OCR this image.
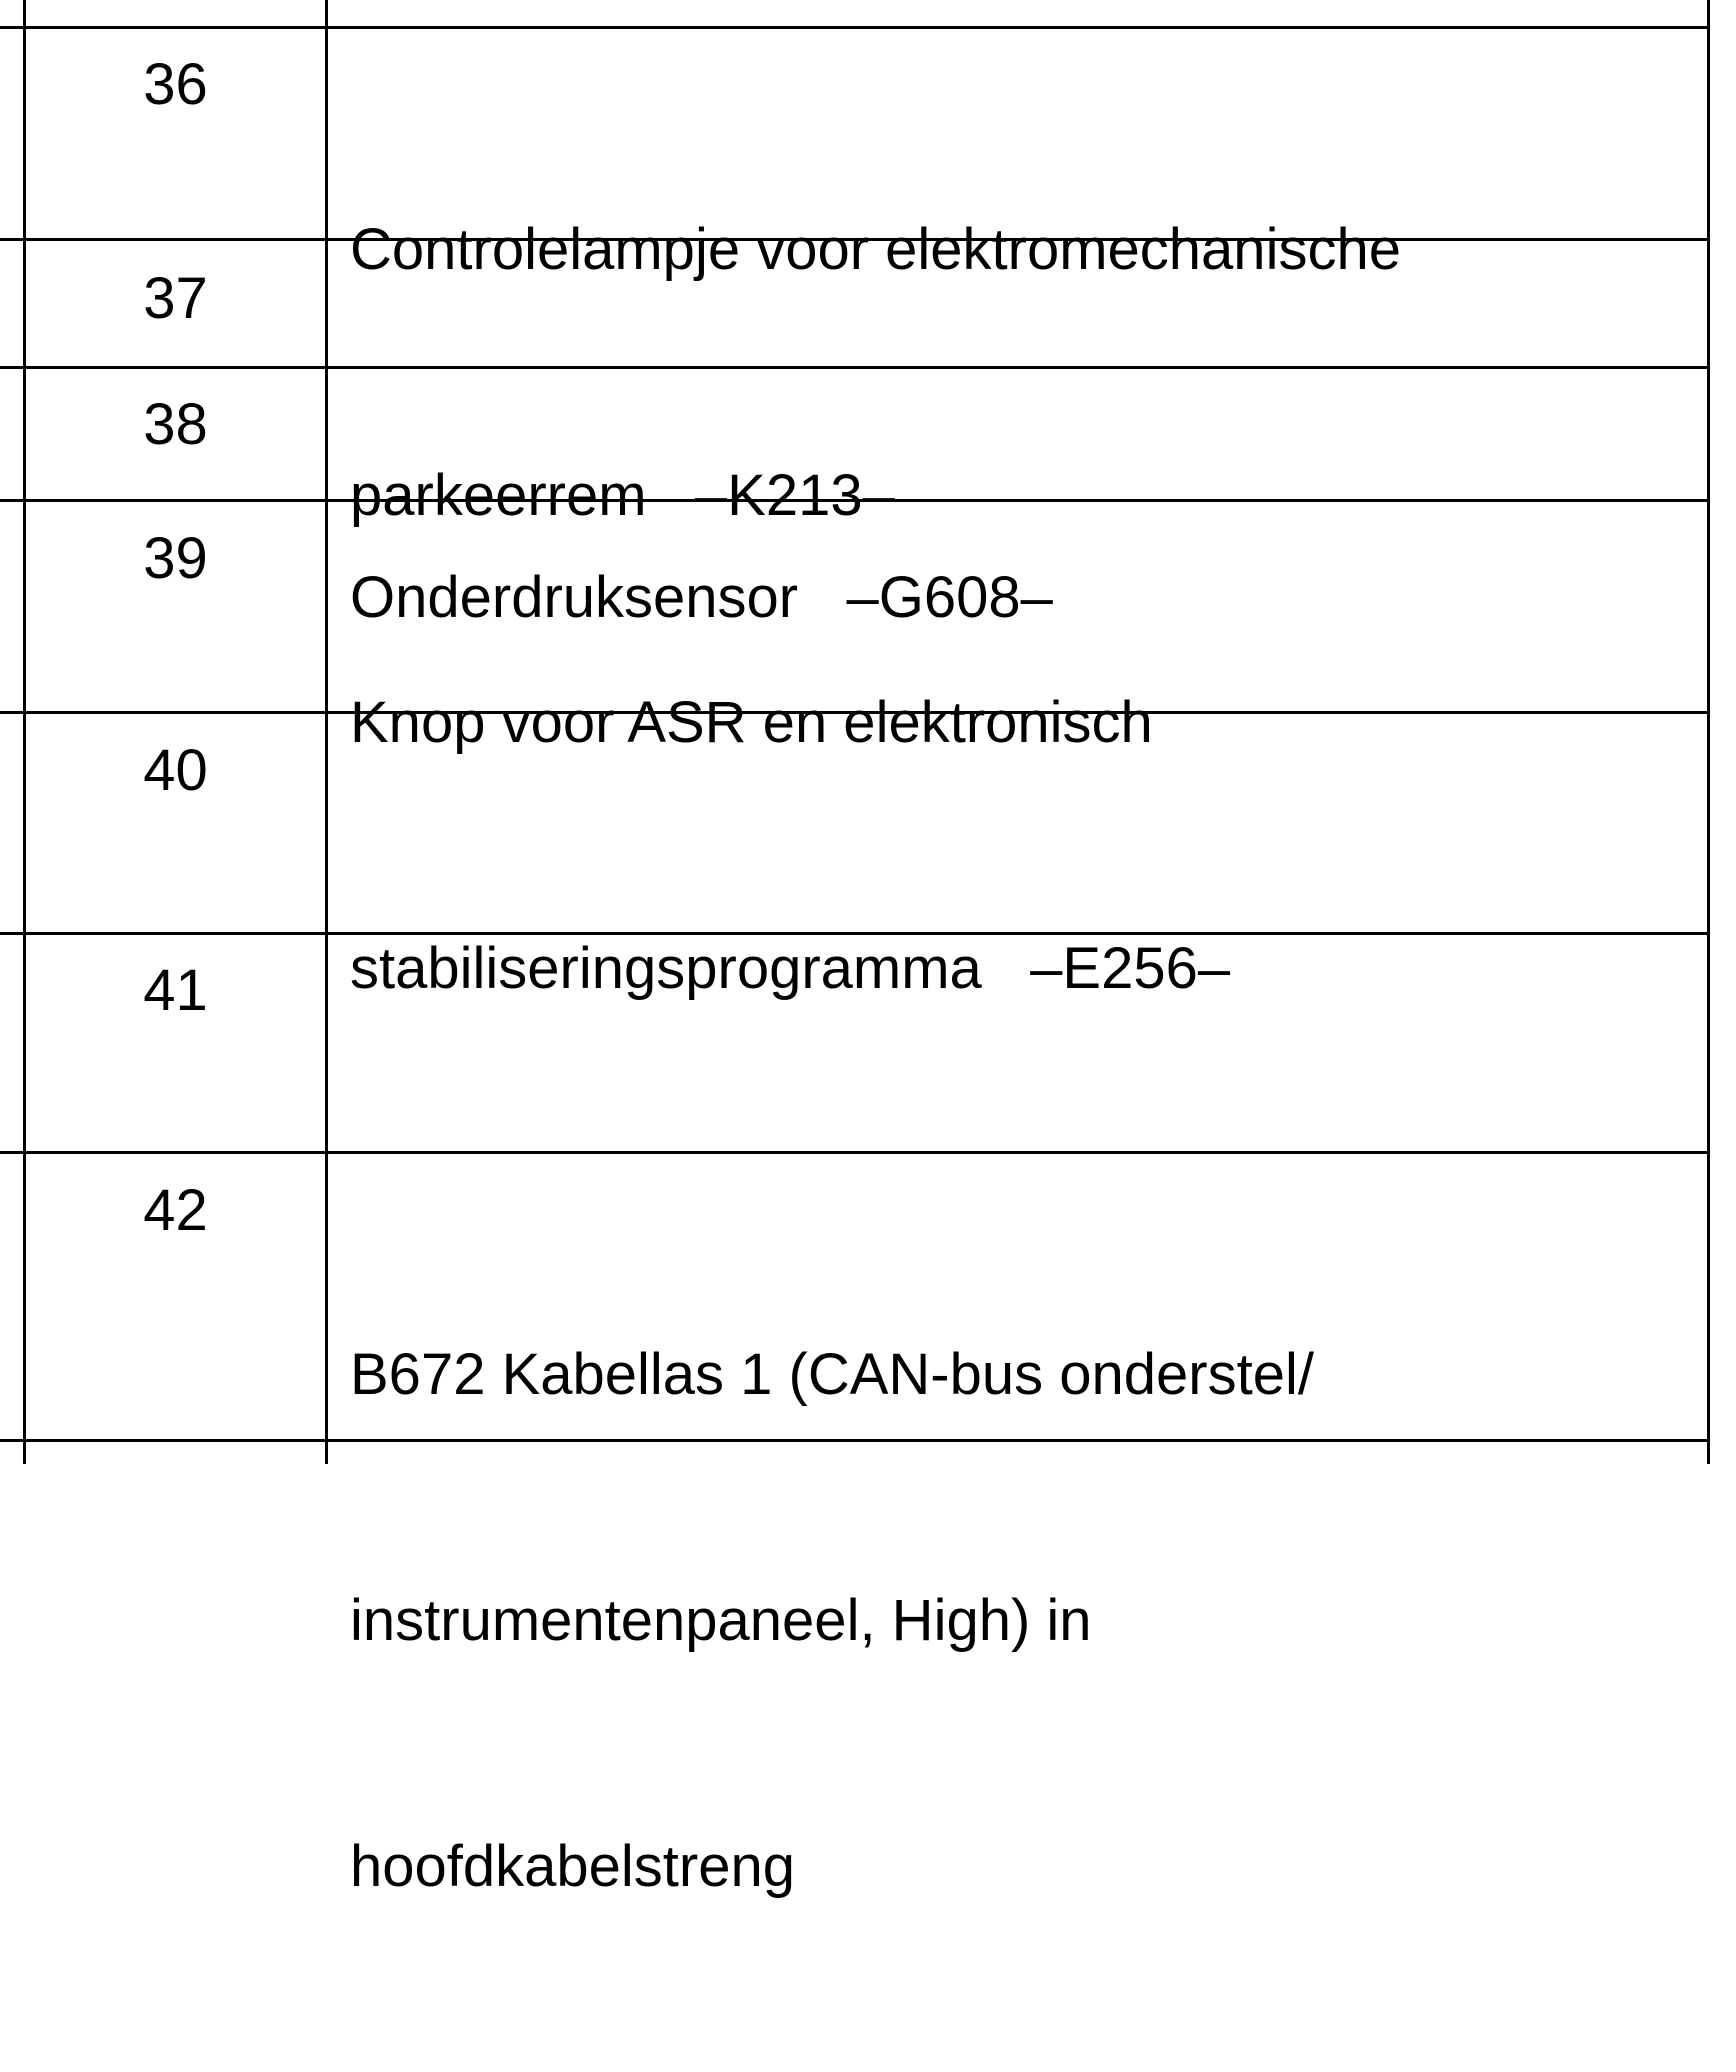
36

Controlelampje voor elektromechanische

parkeerrem   –K213–

37
38

Onderdruksensor   –G608–

39

Knop voor ASR en elektronisch

stabiliseringsprogramma   –E256–

40
41
42

B672 Kabellas 1 (CAN-bus onderstel/

instrumentenpaneel, High) in

hoofdkabelstreng
